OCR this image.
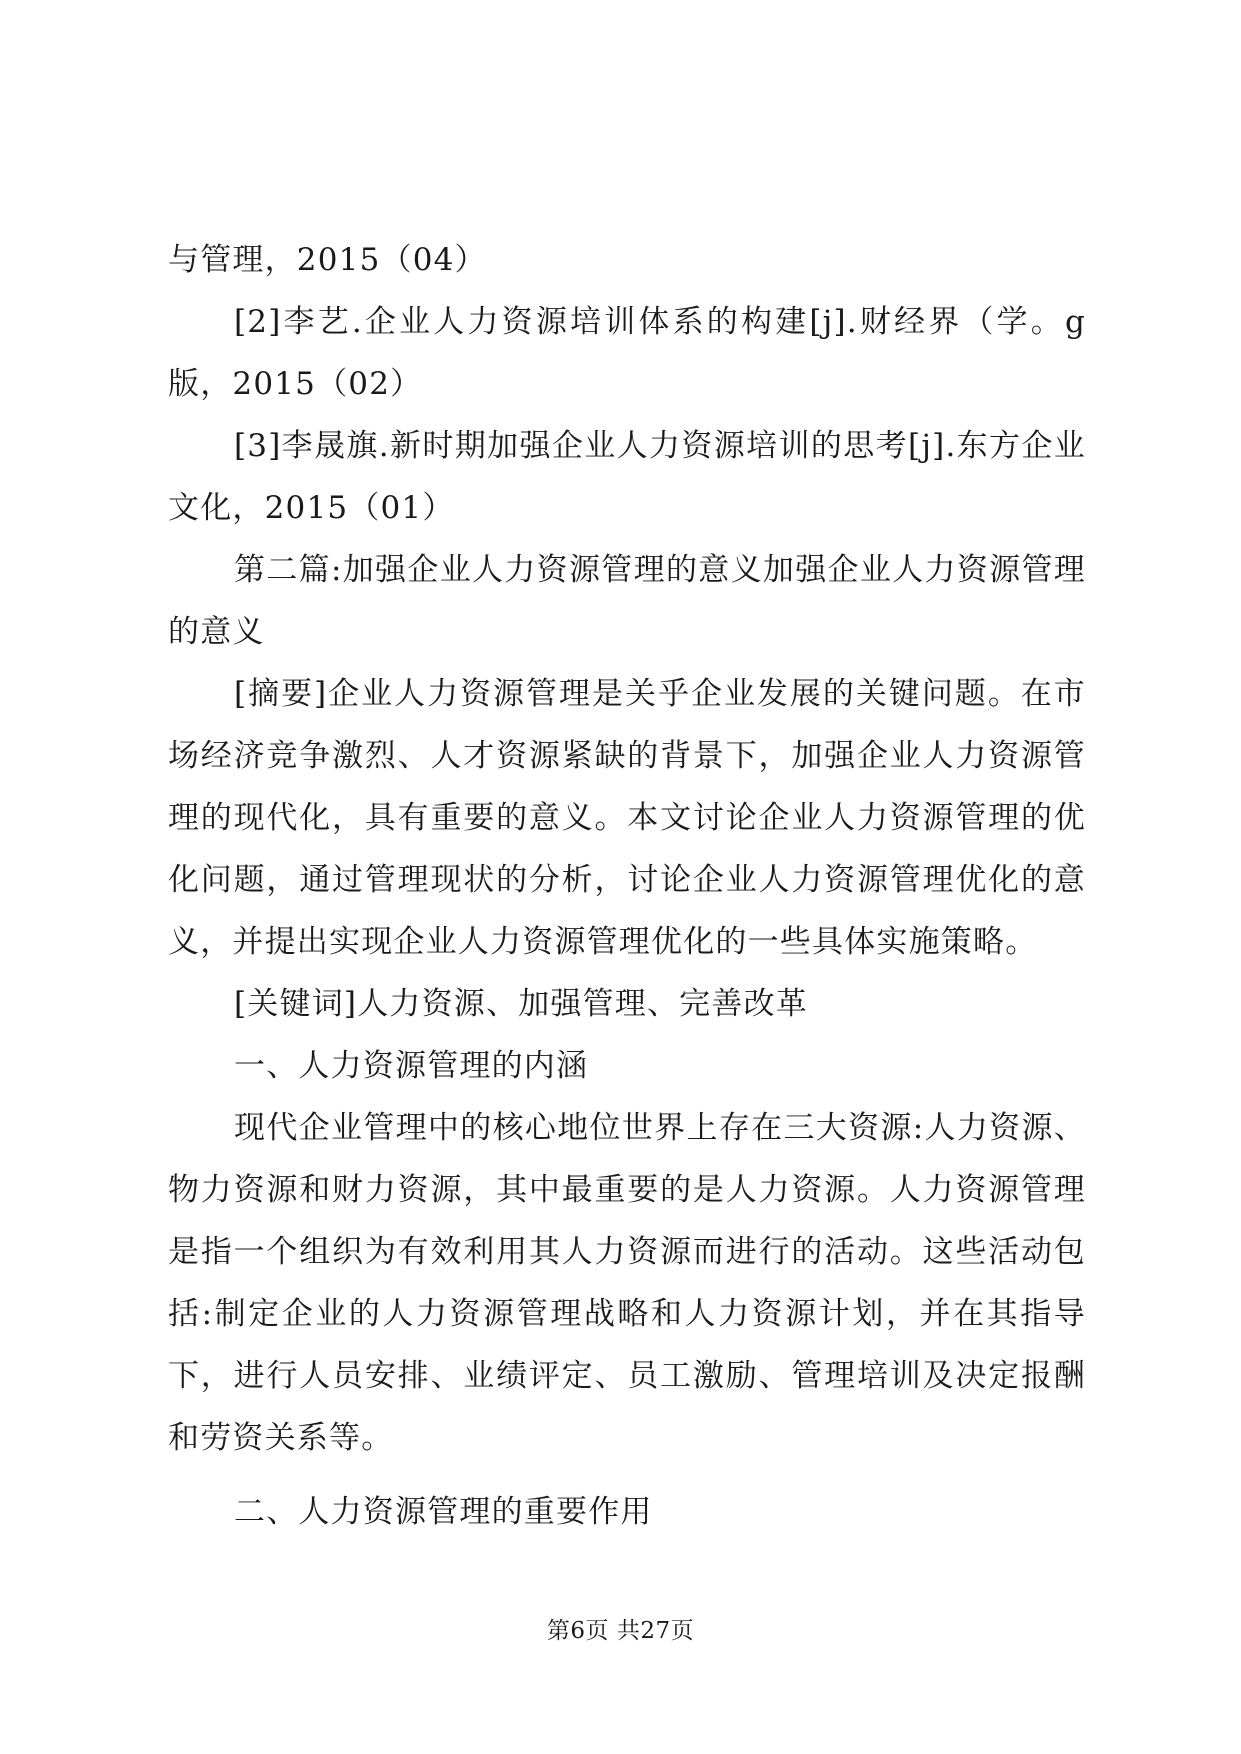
与管理，2015（04）

[2]李艺.企业人力资源培训体系的构建[j].财经界（学。g版，2015（02）

[3]李晟旗.新时期加强企业人力资源培训的思考[j].东方企业文化，2015（01）

第二篇:加强企业人力资源管理的意义加强企业人力资源管理的意义

[摘要]企业人力资源管理是关乎企业发展的关键问题。在市场经济竞争激烈、人才资源紧缺的背景下，加强企业人力资源管理的现代化，具有重要的意义。本文讨论企业人力资源管理的优化问题，通过管理现状的分析，讨论企业人力资源管理优化的意义，并提出实现企业人力资源管理优化的一些具体实施策略。

[关键词]人力资源、加强管理、完善改革

一、人力资源管理的内涵

现代企业管理中的核心地位世界上存在三大资源:人力资源、物力资源和财力资源，其中最重要的是人力资源。人力资源管理是指一个组织为有效利用其人力资源而进行的活动。这些活动包括:制定企业的人力资源管理战略和人力资源计划，并在其指导下，进行人员安排、业绩评定、员工激励、管理培训及决定报酬和劳资关系等。

二、人力资源管理的重要作用

第6页 共27页
